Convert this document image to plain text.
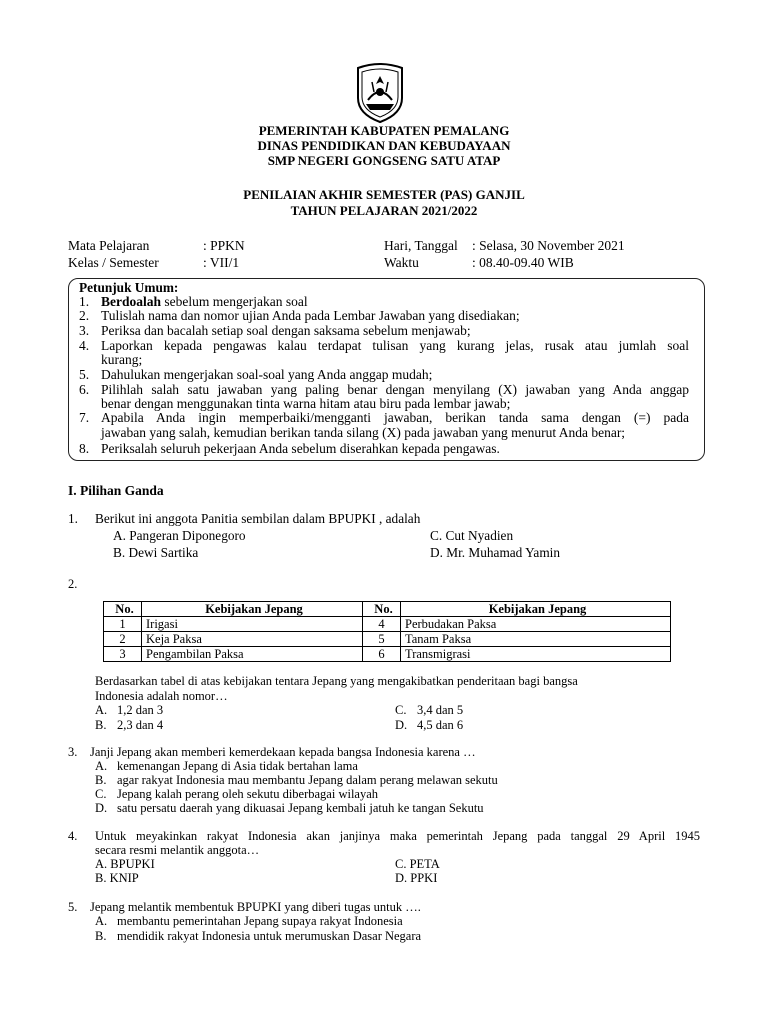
PEMERINTAH KABUPATEN PEMALANG
DINAS PENDIDIKAN DAN KEBUDAYAAN
SMP NEGERI GONGSENG SATU ATAP
PENILAIAN AKHIR SEMESTER (PAS) GANJIL
TAHUN PELAJARAN 2021/2022
Mata Pelajaran	: PPKN	Hari, Tanggal : Selasa, 30 November 2021
Kelas / Semester	: VII/1	Waktu	: 08.40-09.40 WIB
Petunjuk Umum:
1. Berdoalah sebelum mengerjakan soal
2. Tulislah nama dan nomor ujian Anda pada Lembar Jawaban yang disediakan;
3. Periksa dan bacalah setiap soal dengan saksama sebelum menjawab;
4. Laporkan kepada pengawas kalau terdapat tulisan yang kurang jelas, rusak atau jumlah soal
kurang;
5. Dahulukan mengerjakan soal-soal yang Anda anggap mudah;
6. Pilihlah salah satu jawaban yang paling benar dengan menyilang (X) jawaban yang Anda anggap
benar dengan menggunakan tinta warna hitam atau biru pada lembar jawab;
7. Apabila Anda ingin memperbaiki/mengganti jawaban, berikan tanda sama dengan (=) pada
jawaban yang salah, kemudian berikan tanda silang (X) pada jawaban yang menurut Anda benar;
8. Periksalah seluruh pekerjaan Anda sebelum diserahkan kepada pengawas.
I. Pilihan Ganda
1. Berikut ini anggota Panitia sembilan dalam BPUPKI , adalah
A. Pangeran Diponegoro
B. Dewi Sartika
C. Cut Nyadien
D. Mr. Muhamad Yamin
2.
No.	Kebijakan Jepang	No.	Kebijakan Jepang
1	Irigasi	4	Perbudakan Paksa
2	Keja Paksa	5	Tanam Paksa
3	Pengambilan Paksa	6	Transmigrasi
Berdasarkan tabel di atas kebijakan tentara Jepang yang mengakibatkan penderitaan bagi bangsa
Indonesia adalah nomor…
A. 1,2 dan 3
B. 2,3 dan 4
C. 3,4 dan 5
D. 4,5 dan 6
3. Janji Jepang akan memberi kemerdekaan kepada bangsa Indonesia karena …
A. kemenangan Jepang di Asia tidak bertahan lama
B. agar rakyat Indonesia mau membantu Jepang dalam perang melawan sekutu
C. Jepang kalah perang oleh sekutu diberbagai wilayah
D. satu persatu daerah yang dikuasai Jepang kembali jatuh ke tangan Sekutu
4. Untuk meyakinkan rakyat Indonesia akan janjinya maka pemerintah Jepang pada tanggal 29 April 1945
secara resmi melantik anggota…
A. BPUPKI
B. KNIP
C. PETA
D. PPKI
5. Jepang melantik membentuk BPUPKI yang diberi tugas untuk ….
A. membantu pemerintahan Jepang supaya rakyat Indonesia
B. mendidik rakyat Indonesia untuk merumuskan Dasar Negara
